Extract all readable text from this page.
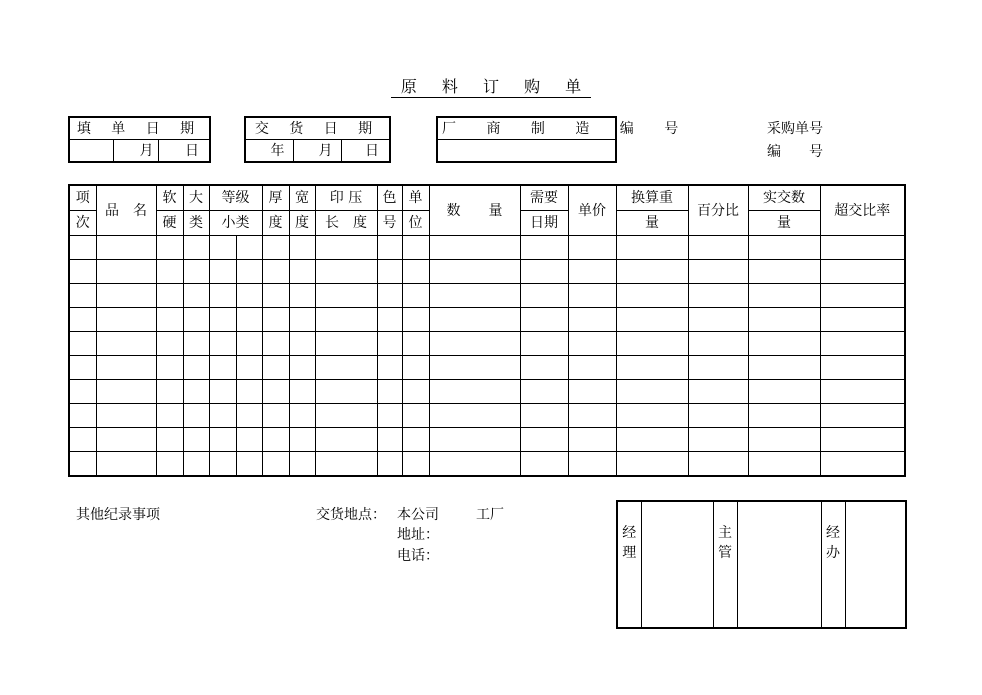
原 料 订 购 单
填 单 日 期
	月	日
交 货 日 期
年	月	日
厂 商 制 造 编 号	采购单号
编　　号
项	品　名	软	大	等级		厚	宽	印 压	色	单	数　　量	需要	单价	换算重	百分比	实交数	超交比率
次		硬	类	小类		度	度	长　度	号	位		日期		量		量	

其他纪录事项	交货地点： 本公司	工厂
地址：
电话：
经理

主管

经办
